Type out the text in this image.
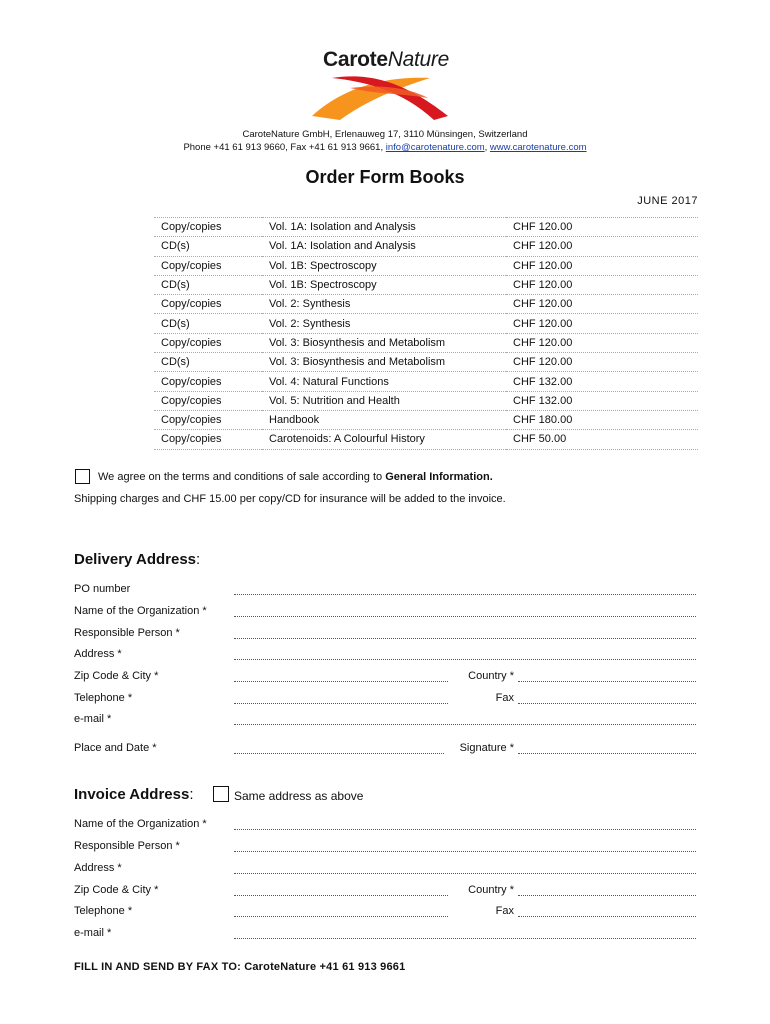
CaroteNature
CaroteNature GmbH, Erlenauweg 17, 3110 Münsingen, Switzerland
Phone +41 61 913 9660, Fax +41 61 913 9661, info@carotenature.com, www.carotenature.com
Order Form Books
JUNE 2017
Copy/copies	Vol. 1A: Isolation and Analysis	CHF 120.00
CD(s)	Vol. 1A: Isolation and Analysis	CHF 120.00
Copy/copies	Vol. 1B: Spectroscopy	CHF 120.00
CD(s)	Vol. 1B: Spectroscopy	CHF 120.00
Copy/copies	Vol. 2: Synthesis	CHF 120.00
CD(s)	Vol. 2: Synthesis	CHF 120.00
Copy/copies	Vol. 3: Biosynthesis and Metabolism	CHF 120.00
CD(s)	Vol. 3: Biosynthesis and Metabolism	CHF 120.00
Copy/copies	Vol. 4: Natural Functions	CHF 132.00
Copy/copies	Vol. 5: Nutrition and Health	CHF 132.00
Copy/copies	Handbook	CHF 180.00
Copy/copies	Carotenoids: A Colourful History	CHF 50.00
We agree on the terms and conditions of sale according to General Information.
Shipping charges and CHF 15.00 per copy/CD for insurance will be added to the invoice.
Delivery Address:
PO number
Name of the Organization *
Responsible Person *
Address *
Zip Code & City *	Country *
Telephone *	Fax
e-mail *
Place and Date *	Signature *
Invoice Address:	Same address as above
Name of the Organization *
Responsible Person *
Address *
Zip Code & City *	Country *
Telephone *	Fax
e-mail *
FILL IN AND SEND BY FAX TO: CaroteNature +41 61 913 9661
